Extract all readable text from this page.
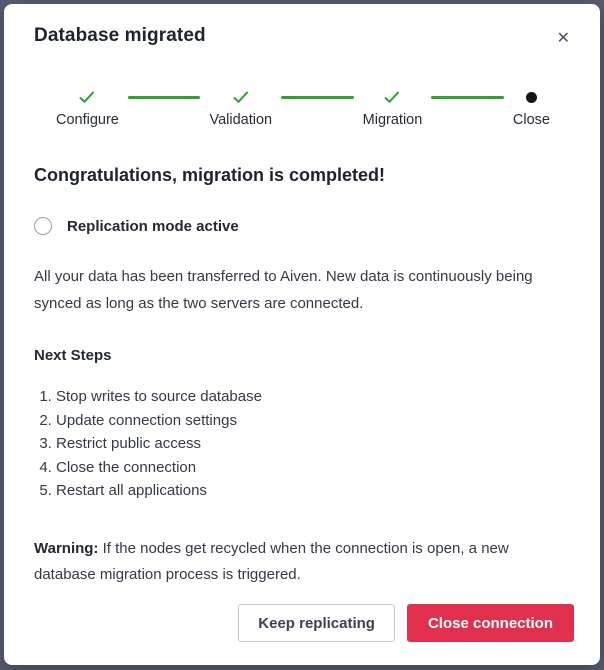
Database migrated	✕
Configure	Validation	Migration	Close
Congratulations, migration is completed!
Replication mode active

All your data has been transferred to Aiven. New data is continuously being synced as long as the two servers are connected.

Next Steps
1. Stop writes to source database
2. Update connection settings
3. Restrict public access
4. Close the connection
5. Restart all applications

Warning: If the nodes get recycled when the connection is open, a new database migration process is triggered.

Keep replicating	Close connection
